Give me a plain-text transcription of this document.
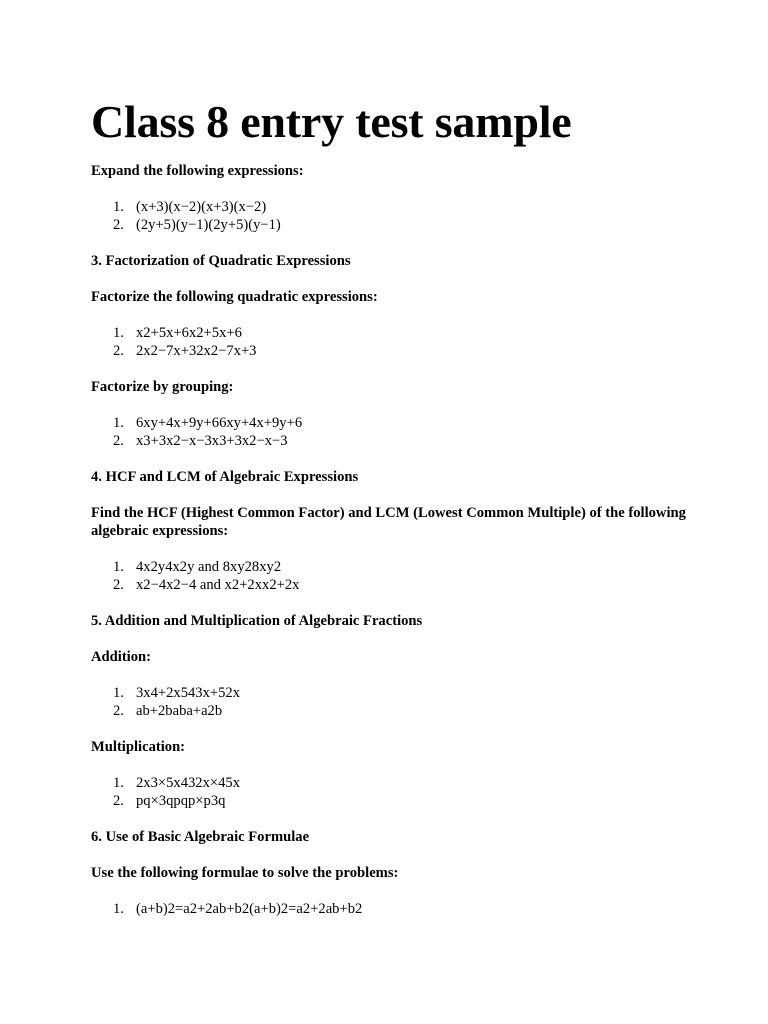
Class 8 entry test sample

Expand the following expressions:

1. (x+3)(x−2)(x+3)(x−2)
2. (2y+5)(y−1)(2y+5)(y−1)

3. Factorization of Quadratic Expressions

Factorize the following quadratic expressions:

1. x2+5x+6x2+5x+6
2. 2x2−7x+32x2−7x+3

Factorize by grouping:

1. 6xy+4x+9y+66xy+4x+9y+6
2. x3+3x2−x−3x3+3x2−x−3

4. HCF and LCM of Algebraic Expressions

Find the HCF (Highest Common Factor) and LCM (Lowest Common Multiple) of the following algebraic expressions:

1. 4x2y4x2y and 8xy28xy2
2. x2−4x2−4 and x2+2xx2+2x

5. Addition and Multiplication of Algebraic Fractions

Addition:

1. 3x4+2x543x+52x
2. ab+2baba+a2b

Multiplication:

1. 2x3×5x432x×45x
2. pq×3qpqp×p3q

6. Use of Basic Algebraic Formulae

Use the following formulae to solve the problems:

1. (a+b)2=a2+2ab+b2(a+b)2=a2+2ab+b2
